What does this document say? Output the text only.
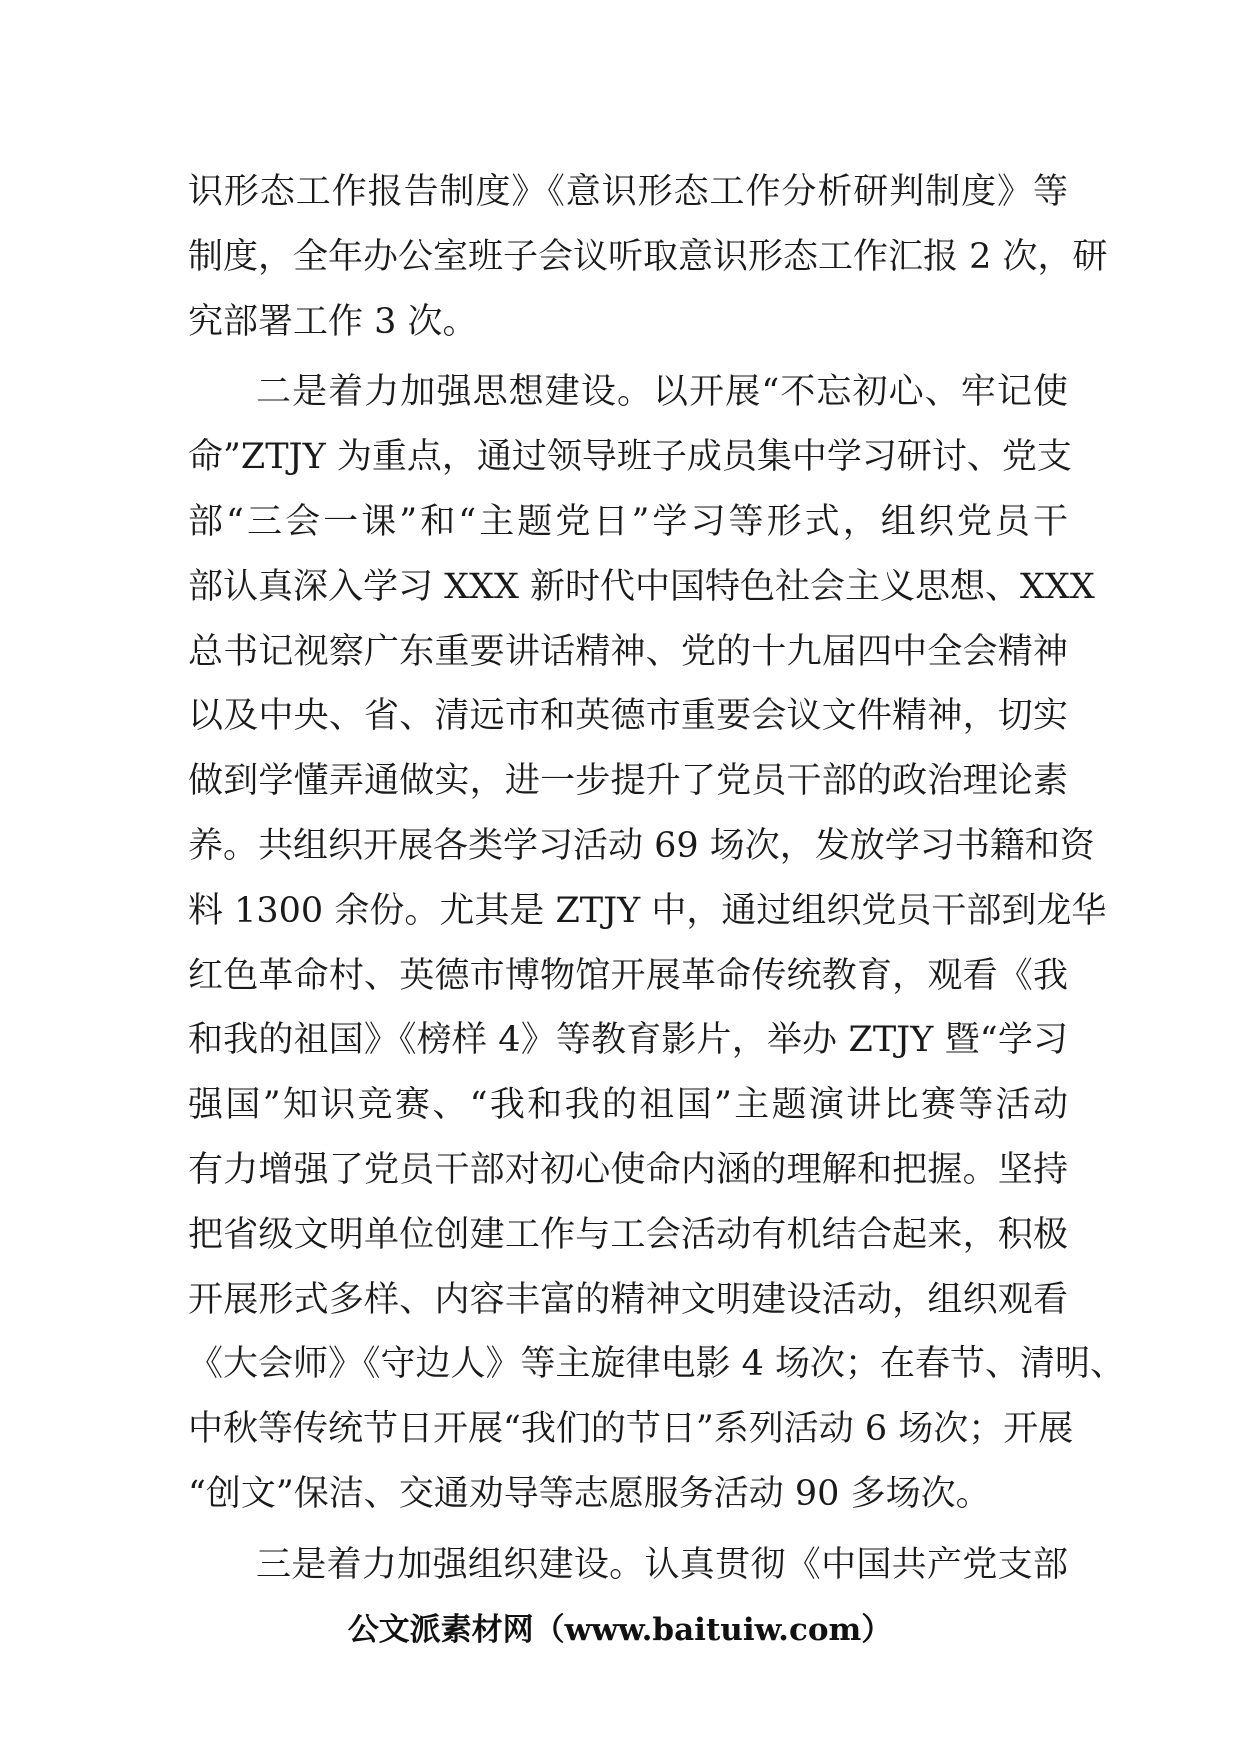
识形态工作报告制度》《意识形态工作分析研判制度》等
制度，全年办公室班子会议听取意识形态工作汇报 2 次，研
究部署工作 3 次。
二是着力加强思想建设。以开展“不忘初心、牢记使
命”ZTJY 为重点，通过领导班子成员集中学习研讨、党支
部“三会一课”和“主题党日”学习等形式，组织党员干
部认真深入学习 XXX 新时代中国特色社会主义思想、XXX
总书记视察广东重要讲话精神、党的十九届四中全会精神
以及中央、省、清远市和英德市重要会议文件精神，切实
做到学懂弄通做实，进一步提升了党员干部的政治理论素
养。共组织开展各类学习活动 69 场次，发放学习书籍和资
料 1300 余份。尤其是 ZTJY 中，通过组织党员干部到龙华
红色革命村、英德市博物馆开展革命传统教育，观看《我
和我的祖国》《榜样 4》等教育影片，举办 ZTJY 暨“学习
强国”知识竞赛、“我和我的祖国”主题演讲比赛等活动
有力增强了党员干部对初心使命内涵的理解和把握。坚持
把省级文明单位创建工作与工会活动有机结合起来，积极
开展形式多样、内容丰富的精神文明建设活动，组织观看
《大会师》《守边人》等主旋律电影 4 场次；在春节、清明、
中秋等传统节日开展“我们的节日”系列活动 6 场次；开展
“创文”保洁、交通劝导等志愿服务活动 90 多场次。
三是着力加强组织建设。认真贯彻《中国共产党支部
公文派素材网（www.baituiw.com）
